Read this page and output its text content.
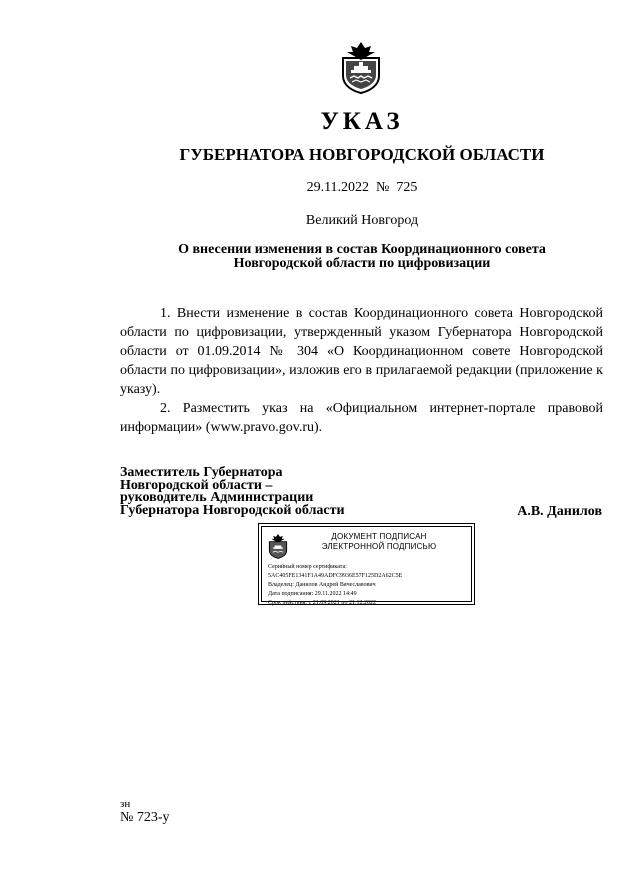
УКАЗ
ГУБЕРНАТОРА НОВГОРОДСКОЙ ОБЛАСТИ
29.11.2022  №  725
Великий Новгород
О внесении изменения в состав Координационного совета
Новгородской области по цифровизации

1. Внести изменение в состав Координационного совета Новгородской области по цифровизации, утвержденный указом Губернатора Новгородской области от 01.09.2014 № 304 «О Координационном совете Новгородской области по цифровизации», изложив его в прилагаемой редакции (приложение к указу).

2. Разместить указ на «Официальном интернет-портале правовой информации» (www.pravo.gov.ru).

Заместитель Губернатора
Новгородской области –
руководитель Администрации
Губернатора Новгородской области	А.В. Данилов
ДОКУМЕНТ ПОДПИСАН
ЭЛЕКТРОННОЙ ПОДПИСЬЮ
Серийный номер сертификата:
5AC405FE1341F1A49ADFC9936E57F125D2A62C5E
Владелец: Данилов Андрей Вячеславович
Дата подписания: 29.11.2022 14:49
Срок действия: с 21.09.2021 по 21.12.2022
зн
№ 723-у
